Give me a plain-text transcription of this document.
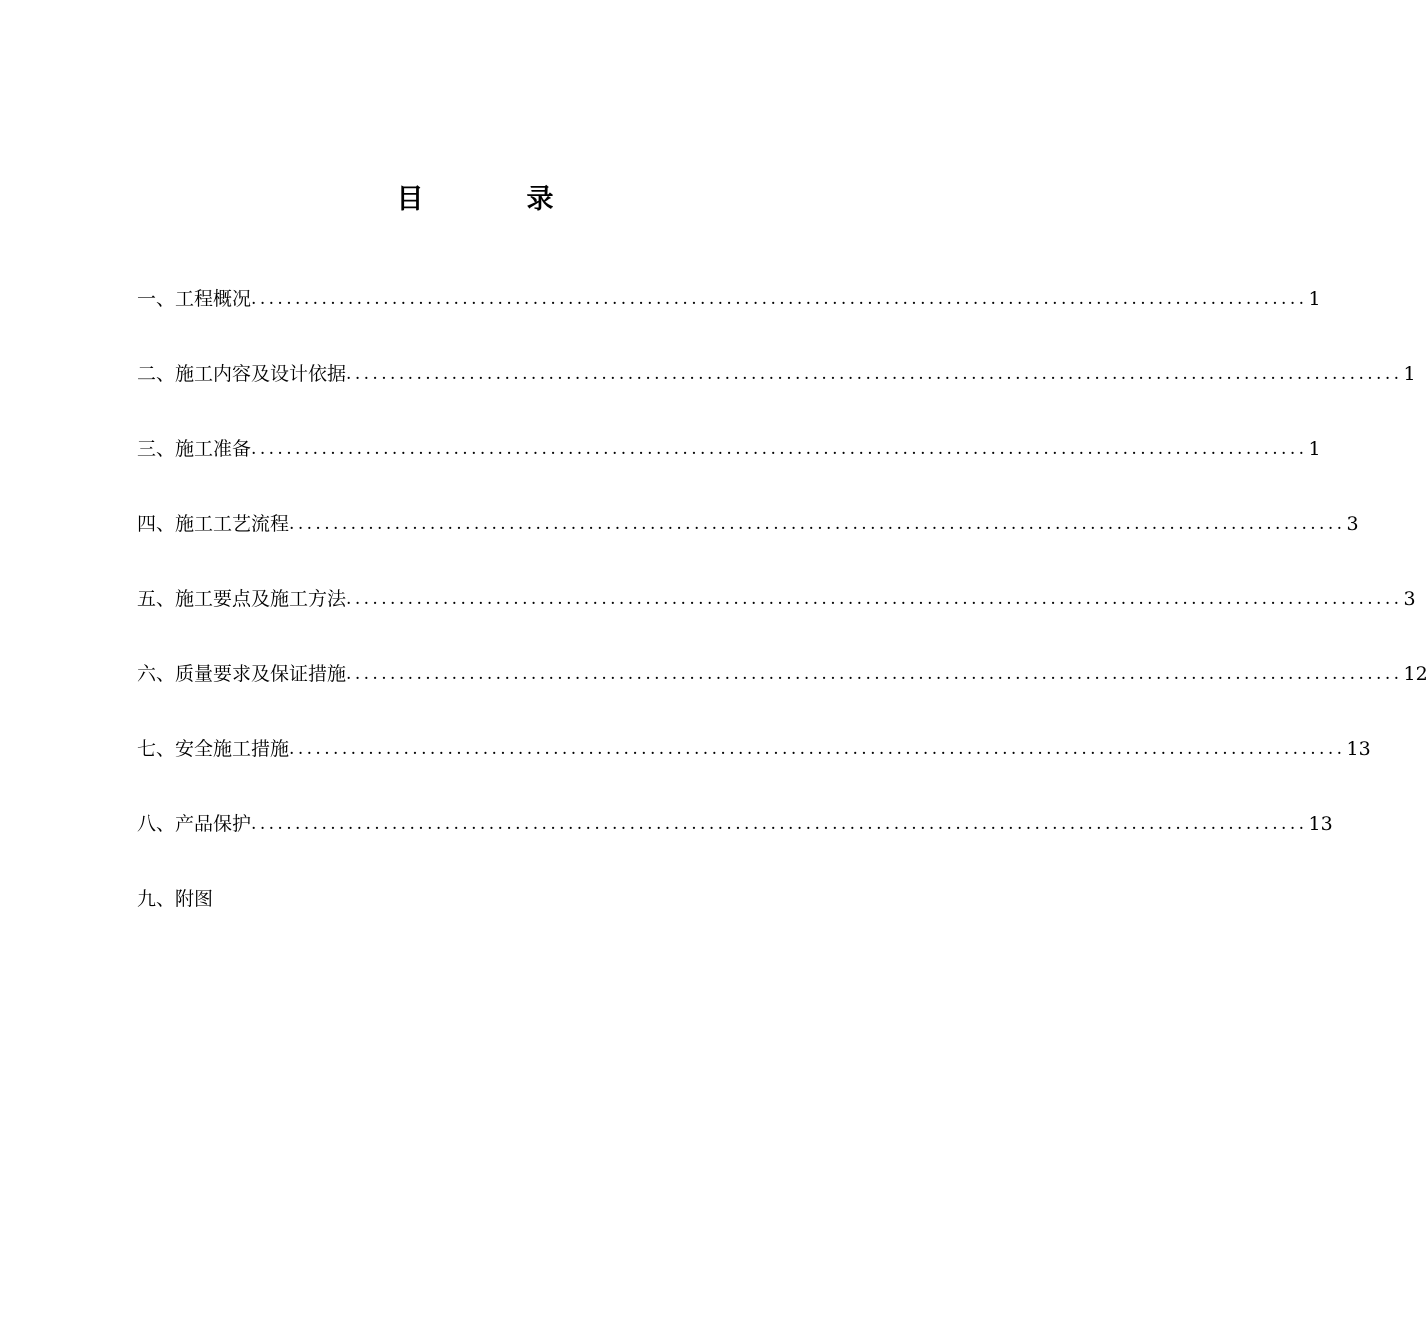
目　录
一、工程概况 ........................................................................................................................ 1
二、施工内容及设计依据 ........................................................................................................................ 1
三、施工准备 ........................................................................................................................ 1
四、施工工艺流程 ........................................................................................................................ 3
五、施工要点及施工方法 ........................................................................................................................ 3
六、质量要求及保证措施 ........................................................................................................................ 12
七、安全施工措施 ........................................................................................................................ 13
八、产品保护 ........................................................................................................................ 13
九、附图
